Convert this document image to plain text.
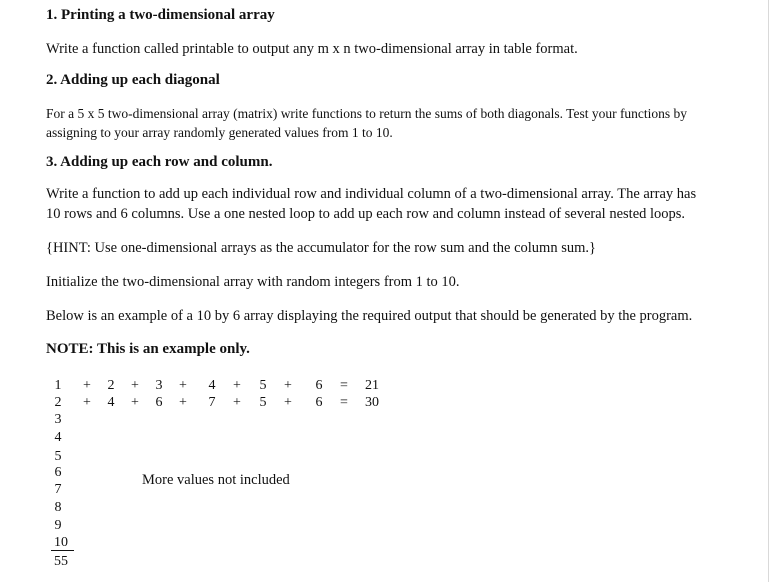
1. Printing a two-dimensional array
Write a function called printable to output any m x n two-dimensional array in table format.
2. Adding up each diagonal
For a 5 x 5 two-dimensional array (matrix) write functions to return the sums of both diagonals. Test your functions by
assigning to your array randomly generated values from 1 to 10.
3. Adding up each row and column.
Write a function to add up each individual row and individual column of a two-dimensional array. The array has
10 rows and 6 columns. Use a one nested loop to add up each row and column instead of several nested loops.
{HINT: Use one-dimensional arrays as the accumulator for the row sum and the column sum.}
Initialize the two-dimensional array with random integers from 1 to 10.
Below is an example of a 10 by 6 array displaying the required output that should be generated by the program.
NOTE: This is an example only.
1	+	2	+	3	+	4	+	5	+	6	=	21
2	+	4	+	6	+	7	+	5	+	6	=	30
3
4
5
6
7
8
9
10
55
More values not included
